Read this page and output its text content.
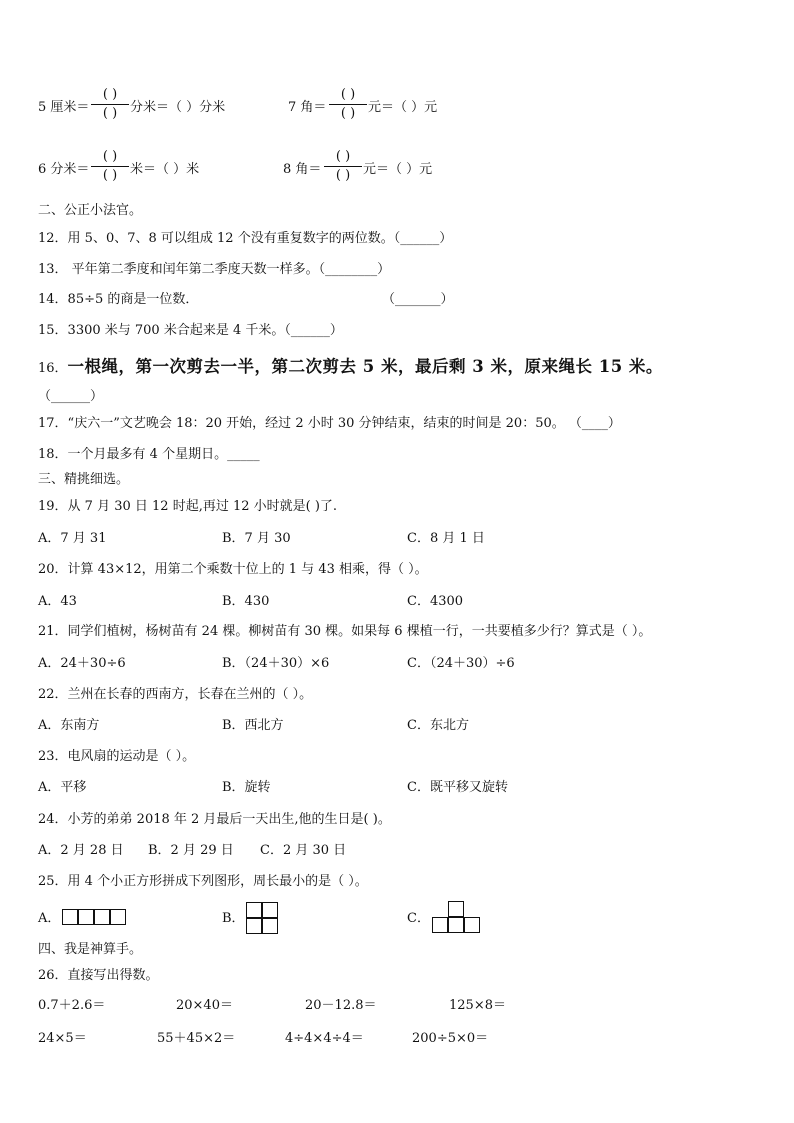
5 厘米＝
( )
( ) 分米＝（ ）分米	7 角＝
( )
( ) 元＝（ ）元
6 分米＝
( )
( ) 米＝（ ）米	8 角＝
( )
( ) 元＝（ ）元
二、公正小法官。
12．用 5、0、7、8 可以组成 12 个没有重复数字的两位数。（______）
13． 平年第二季度和闰年第二季度天数一样多。（________）
14．85÷5 的商是一位数．	（_______）
15．3300 米与 700 米合起来是 4 千米。（______）
16．一根绳，第一次剪去一半，第二次剪去 5 米，最后剩 3 米，原来绳长 15 米。
（______）
17．“庆六一”文艺晚会 18：20 开始，经过 2 小时 30 分钟结束，结束的时间是 20：50。 （____）
18．一个月最多有 4 个星期日。_____
三、精挑细选。
19．从 7 月 30 日 12 时起,再过 12 小时就是( )了.
A．7 月 31	B．7 月 30	C．8 月 1 日
20．计算 43×12，用第二个乘数十位上的 1 与 43 相乘，得（ ）。
A．43	B．430	C．4300
21．同学们植树，杨树苗有 24 棵。柳树苗有 30 棵。如果每 6 棵植一行，一共要植多少行？算式是（ ）。
A．24＋30÷6	B．（24＋30）×6	C．（24＋30）÷6
22．兰州在长春的西南方，长春在兰州的（ ）。
A．东南方	B．西北方	C．东北方
23．电风扇的运动是（ ）。
A．平移	B．旋转	C．既平移又旋转
24．小芳的弟弟 2018 年 2 月最后一天出生,他的生日是( )。
A．2 月 28 日 B．2 月 29 日 C．2 月 30 日
25．用 4 个小正方形拼成下列图形，周长最小的是（ ）。
A．	B．	C．
四、我是神算手。
26．直接写出得数。
0.7＋2.6＝	20×40＝	20－12.8＝	125×8＝
24×5＝	55＋45×2＝	4÷4×4÷4＝	200÷5×0＝
